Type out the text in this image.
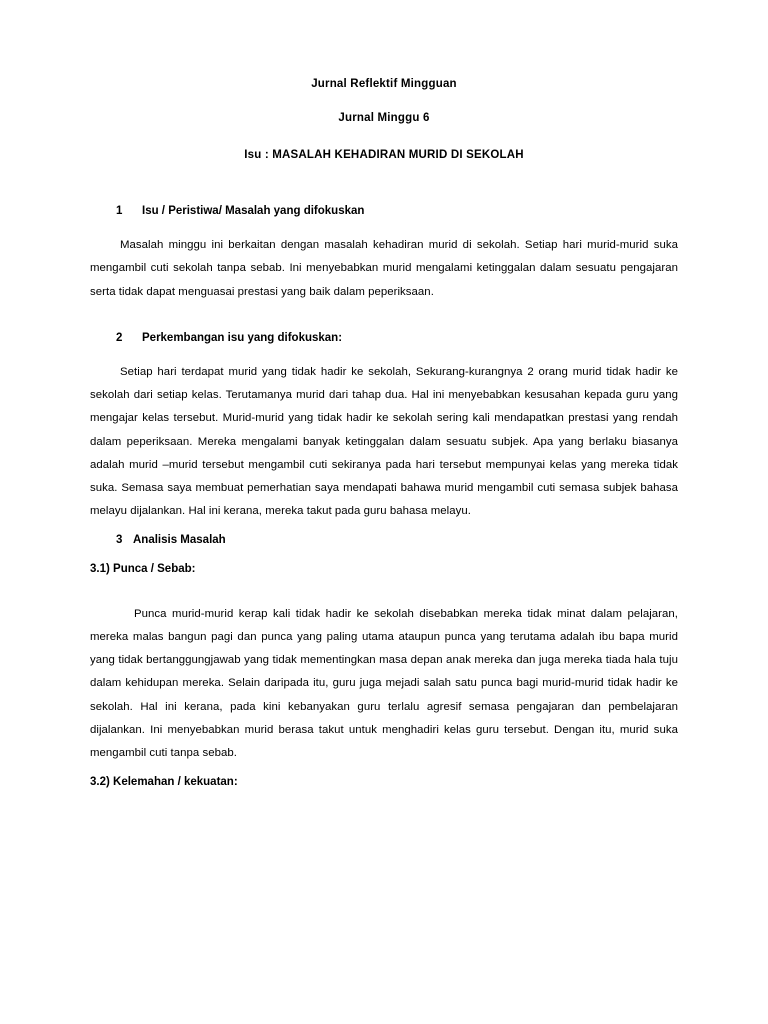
Jurnal Reflektif Mingguan
Jurnal Minggu 6
Isu : MASALAH KEHADIRAN MURID DI SEKOLAH
1 Isu / Peristiwa/ Masalah yang difokuskan

Masalah minggu ini berkaitan dengan masalah kehadiran murid di sekolah. Setiap hari murid-murid suka mengambil cuti sekolah tanpa sebab. Ini menyebabkan murid mengalami ketinggalan dalam sesuatu pengajaran serta tidak dapat menguasai prestasi yang baik dalam peperiksaan.

2 Perkembangan isu yang difokuskan:

Setiap hari terdapat murid yang tidak hadir ke sekolah, Sekurang-kurangnya 2 orang murid tidak hadir ke sekolah dari setiap kelas. Terutamanya murid dari tahap dua. Hal ini menyebabkan kesusahan kepada guru yang mengajar kelas tersebut. Murid-murid yang tidak hadir ke sekolah sering kali mendapatkan prestasi yang rendah dalam peperiksaan. Mereka mengalami banyak ketinggalan dalam sesuatu subjek. Apa yang berlaku biasanya adalah murid –murid tersebut mengambil cuti sekiranya pada hari tersebut mempunyai kelas yang mereka tidak suka. Semasa saya membuat pemerhatian saya mendapati bahawa murid mengambil cuti semasa subjek bahasa melayu dijalankan. Hal ini kerana, mereka takut pada guru bahasa melayu.

3 Analisis Masalah
3.1) Punca / Sebab:

Punca murid-murid kerap kali tidak hadir ke sekolah disebabkan mereka tidak minat dalam pelajaran, mereka malas bangun pagi dan punca yang paling utama ataupun punca yang terutama adalah ibu bapa murid yang tidak bertanggungjawab yang tidak mementingkan masa depan anak mereka dan juga mereka tiada hala tuju dalam kehidupan mereka. Selain daripada itu, guru juga mejadi salah satu punca bagi murid-murid tidak hadir ke sekolah. Hal ini kerana, pada kini kebanyakan guru terlalu agresif semasa pengajaran dan pembelajaran dijalankan. Ini menyebabkan murid berasa takut untuk menghadiri kelas guru tersebut. Dengan itu, murid suka mengambil cuti tanpa sebab.

3.2) Kelemahan / kekuatan:
